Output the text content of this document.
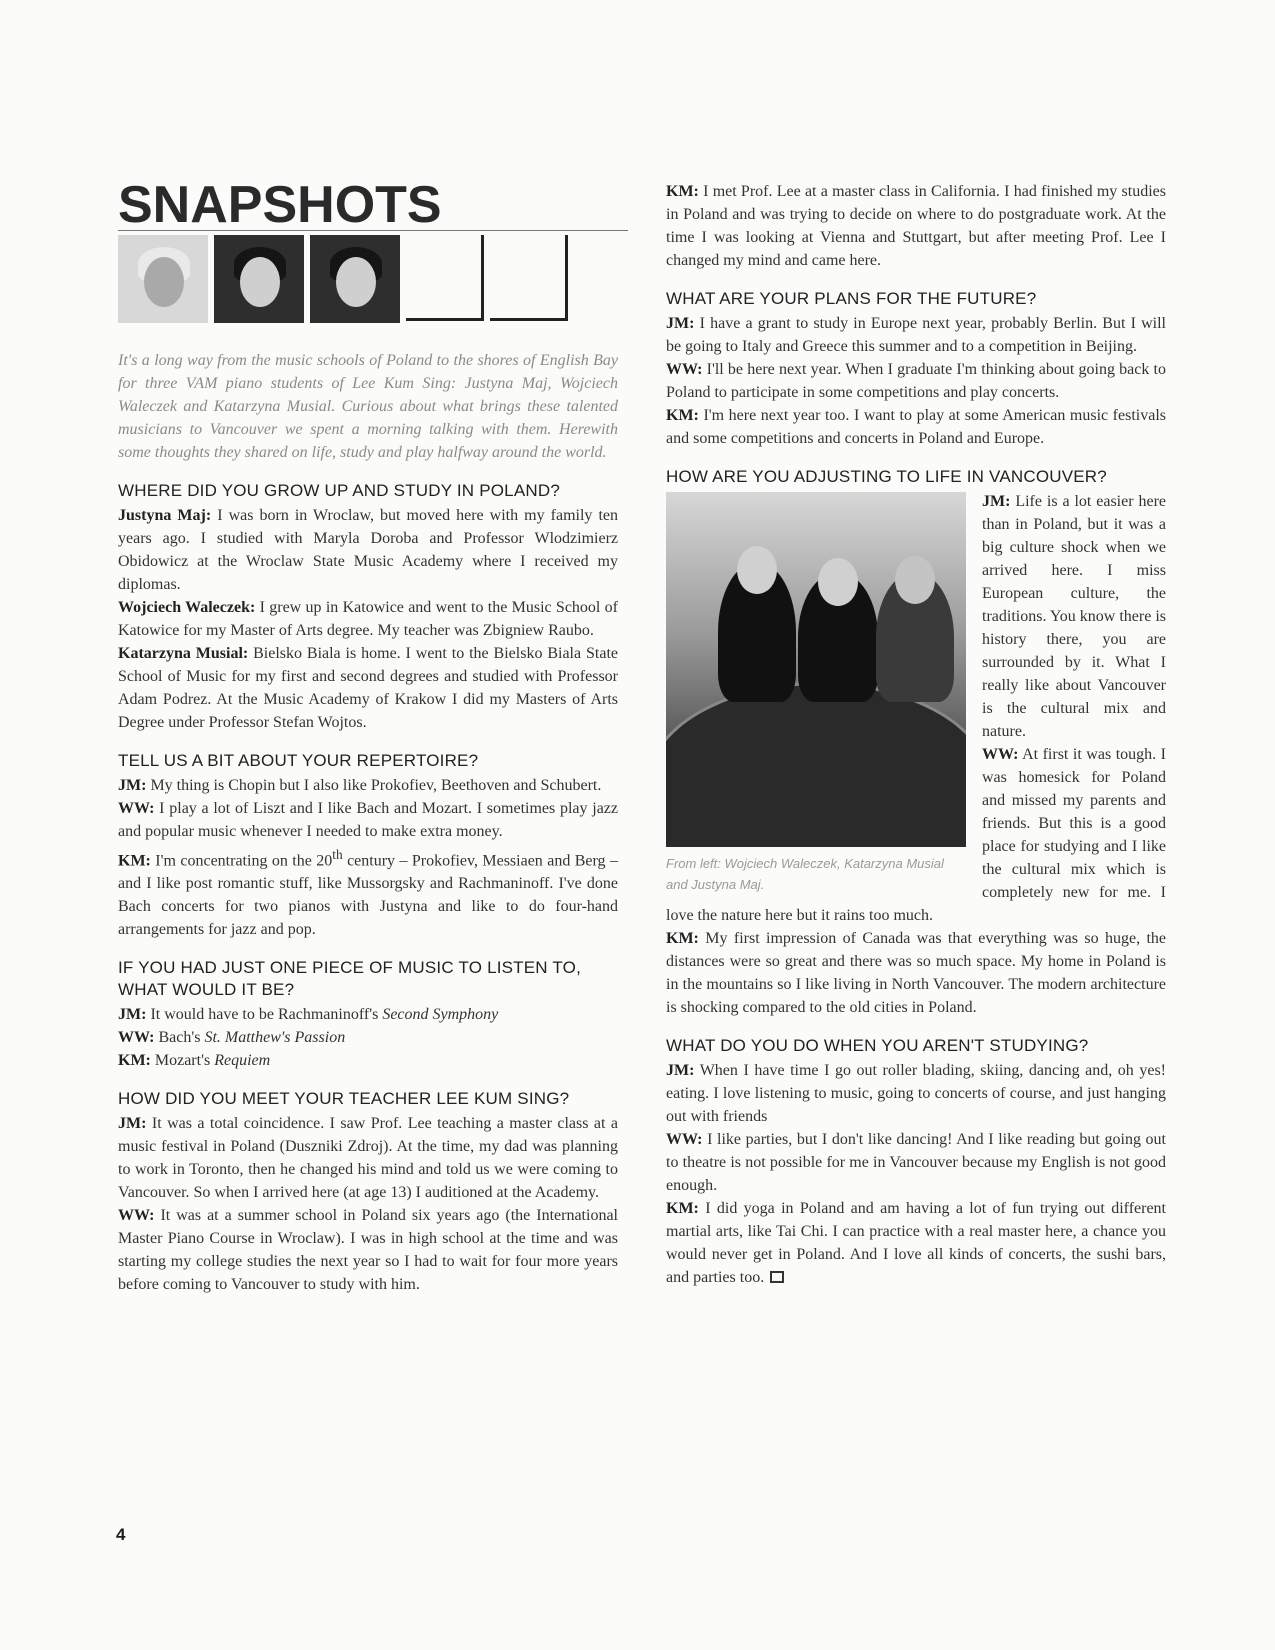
SNAPSHOTS

It's a long way from the music schools of Poland to the shores of English Bay for three VAM piano students of Lee Kum Sing: Justyna Maj, Wojciech Waleczek and Katarzyna Musial. Curious about what brings these talented musicians to Vancouver we spent a morning talking with them. Herewith some thoughts they shared on life, study and play halfway around the world.

WHERE DID YOU GROW UP AND STUDY IN POLAND?

Justyna Maj: I was born in Wroclaw, but moved here with my family ten years ago. I studied with Maryla Doroba and Professor Wlodzimierz Obidowicz at the Wroclaw State Music Academy where I received my diplomas.

Wojciech Waleczek: I grew up in Katowice and went to the Music School of Katowice for my Master of Arts degree. My teacher was Zbigniew Raubo.

Katarzyna Musial: Bielsko Biala is home. I went to the Bielsko Biala State School of Music for my first and second degrees and studied with Professor Adam Podrez. At the Music Academy of Krakow I did my Masters of Arts Degree under Professor Stefan Wojtos.

TELL US A BIT ABOUT YOUR REPERTOIRE?

JM: My thing is Chopin but I also like Prokofiev, Beethoven and Schubert.

WW: I play a lot of Liszt and I like Bach and Mozart. I sometimes play jazz and popular music whenever I needed to make extra money.

KM: I'm concentrating on the 20th century – Prokofiev, Messiaen and Berg – and I like post romantic stuff, like Mussorgsky and Rachmaninoff. I've done Bach concerts for two pianos with Justyna and like to do four-hand arrangements for jazz and pop.

IF YOU HAD JUST ONE PIECE OF MUSIC TO LISTEN TO, WHAT WOULD IT BE?

JM: It would have to be Rachmaninoff's Second Symphony

WW: Bach's St. Matthew's Passion

KM: Mozart's Requiem

HOW DID YOU MEET YOUR TEACHER LEE KUM SING?

JM: It was a total coincidence. I saw Prof. Lee teaching a master class at a music festival in Poland (Duszniki Zdroj). At the time, my dad was planning to work in Toronto, then he changed his mind and told us we were coming to Vancouver. So when I arrived here (at age 13) I auditioned at the Academy.

WW: It was at a summer school in Poland six years ago (the International Master Piano Course in Wroclaw). I was in high school at the time and was starting my college studies the next year so I had to wait for four more years before coming to Vancouver to study with him.

KM: I met Prof. Lee at a master class in California. I had finished my studies in Poland and was trying to decide on where to do postgraduate work. At the time I was looking at Vienna and Stuttgart, but after meeting Prof. Lee I changed my mind and came here.

WHAT ARE YOUR PLANS FOR THE FUTURE?

JM: I have a grant to study in Europe next year, probably Berlin. But I will be going to Italy and Greece this summer and to a competition in Beijing.

WW: I'll be here next year. When I graduate I'm thinking about going back to Poland to participate in some competitions and play concerts.

KM: I'm here next year too. I want to play at some American music festivals and some competitions and concerts in Poland and Europe.

HOW ARE YOU ADJUSTING TO LIFE IN VANCOUVER?
From left: Wojciech Waleczek, Katarzyna Musial and Justyna Maj.

JM: Life is a lot easier here than in Poland, but it was a big culture shock when we arrived here. I miss European culture, the traditions. You know there is history there, you are surrounded by it. What I really like about Vancouver is the cultural mix and nature.

WW: At first it was tough. I was homesick for Poland and missed my parents and friends. But this is a good place for studying and I like the cultural mix which is completely new for me. I love the nature here but it rains too much.

KM: My first impression of Canada was that everything was so huge, the distances were so great and there was so much space. My home in Poland is in the mountains so I like living in North Vancouver. The modern architecture is shocking compared to the old cities in Poland.

WHAT DO YOU DO WHEN YOU AREN'T STUDYING?

JM: When I have time I go out roller blading, skiing, dancing and, oh yes! eating. I love listening to music, going to concerts of course, and just hanging out with friends

WW: I like parties, but I don't like dancing! And I like reading but going out to theatre is not possible for me in Vancouver because my English is not good enough.

KM: I did yoga in Poland and am having a lot of fun trying out different martial arts, like Tai Chi. I can practice with a real master here, a chance you would never get in Poland. And I love all kinds of concerts, the sushi bars, and parties too.

4
